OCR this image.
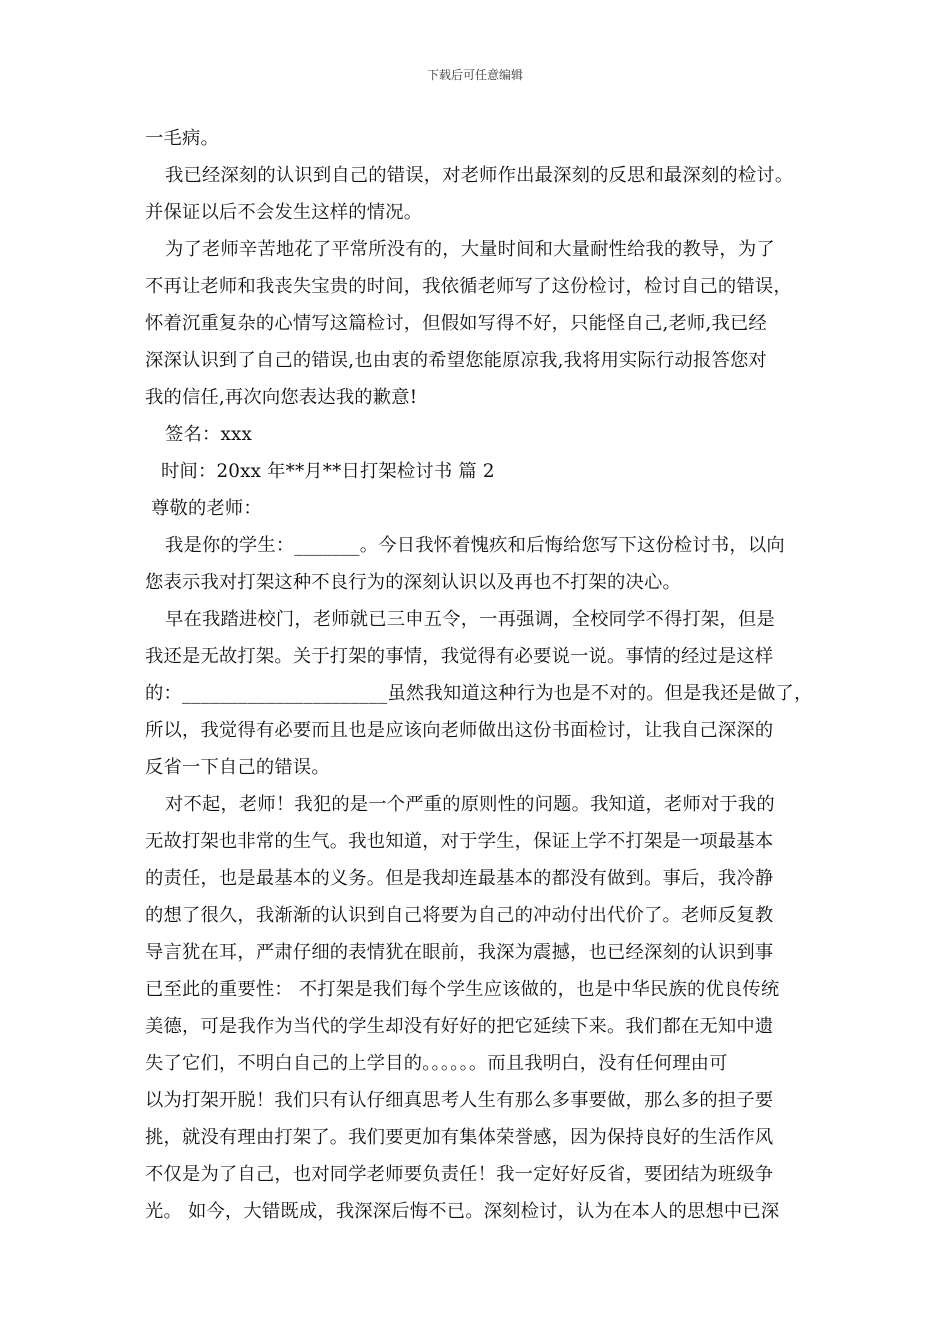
下载后可任意编辑
一毛病。
我已经深刻的认识到自己的错误，对老师作出最深刻的反思和最深刻的检讨。
并保证以后不会发生这样的情况。
为了老师辛苦地花了平常所没有的，大量时间和大量耐性给我的教导，为了
不再让老师和我丧失宝贵的时间，我依循老师写了这份检讨，检讨自己的错误，
怀着沉重复杂的心情写这篇检讨，但假如写得不好，只能怪自己,老师,我已经
深深认识到了自己的错误,也由衷的希望您能原凉我,我将用实际行动报答您对
我的信任,再次向您表达我的歉意!
签名：xxx
时间：20xx 年**月**日打架检讨书 篇 2
尊敬的老师：
我是你的学生：_______。今日我怀着愧疚和后悔给您写下这份检讨书，以向
您表示我对打架这种不良行为的深刻认识以及再也不打架的决心。
早在我踏进校门，老师就已三申五令，一再强调，全校同学不得打架，但是
我还是无故打架。关于打架的事情，我觉得有必要说一说。事情的经过是这样
的：______________________虽然我知道这种行为也是不对的。但是我还是做了，
所以，我觉得有必要而且也是应该向老师做出这份书面检讨，让我自己深深的
反省一下自己的错误。
对不起，老师！我犯的是一个严重的原则性的问题。我知道，老师对于我的
无故打架也非常的生气。我也知道，对于学生，保证上学不打架是一项最基本
的责任，也是最基本的义务。但是我却连最基本的都没有做到。事后，我冷静
的想了很久，我渐渐的认识到自己将要为自己的冲动付出代价了。老师反复教
导言犹在耳，严肃仔细的表情犹在眼前，我深为震撼，也已经深刻的认识到事
已至此的重要性： 不打架是我们每个学生应该做的，也是中华民族的优良传统
美德，可是我作为当代的学生却没有好好的把它延续下来。我们都在无知中遗
失了它们，不明白自己的上学目的。。。。。。而且我明白，没有任何理由可
以为打架开脱！我们只有认仔细真思考人生有那么多事要做，那么多的担子要
挑，就没有理由打架了。我们要更加有集体荣誉感，因为保持良好的生活作风
不仅是为了自己，也对同学老师要负责任！我一定好好反省，要团结为班级争
光。 如今，大错既成，我深深后悔不已。深刻检讨，认为在本人的思想中已深
